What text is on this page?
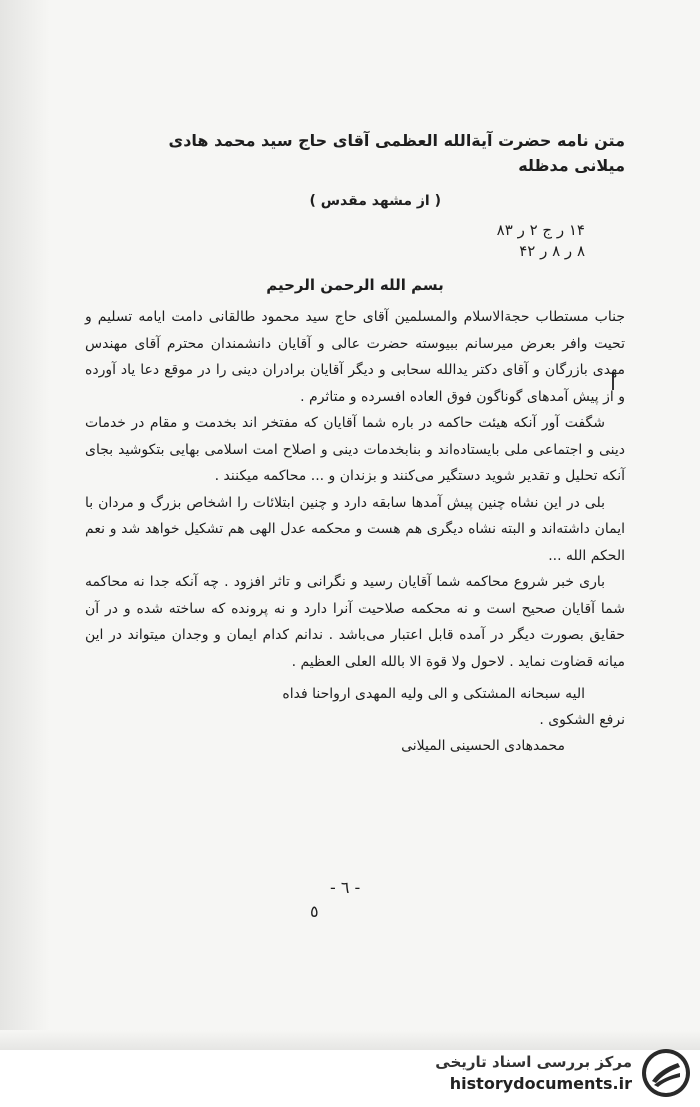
متن نامه حضرت آیة‌الله العظمی آقای حاج سید محمد هادی

میلانی مدظله

( از مشهد مقدس )

۱۴ ر ج ۲ ر ۸۳

۸ ر ۸ ر ۴۲

بسم الله الرحمن الرحیم

جناب مستطاب حجة‌الاسلام والمسلمین آقای حاج سید محمود طالقانی دامت ایامه تسلیم و تحیت وافر بعرض میرسانم ببیوسته حضرت عالی و آقایان دانشمندان محترم آقای مهندس مهدی بازرگان و آقای دکتر یدالله سحابی و دیگر آقایان برادران دینی را در موقع دعا یاد آورده و از پیش آمدهای گوناگون فوق العاده افسرده و متاثرم .

شگفت آور آنکه هیئت حاکمه در باره شما آقایان که مفتخر اند بخدمت و مقام در خدمات دینی و اجتماعی ملی بایستاده‌اند و بنابخدمات دینی و اصلاح امت اسلامی بهایی بتکوشید بجای آنکه تحلیل و تقدیر شوید دستگیر می‌کنند و بزندان و ... محاکمه میکنند .

بلی در این نشاه چنین پیش آمدها سابقه دارد و چنین ابتلائات را اشخاص بزرگ و مردان با ایمان داشته‌اند و البته نشاه دیگری هم هست و محکمه عدل الهی هم تشکیل خواهد شد و نعم الحکم الله ...

باری خبر شروع محاکمه شما آقایان رسید و نگرانی و تاثر افزود . چه آنکه جدا نه محاکمه شما آقایان صحیح است و نه محکمه صلاحیت آنرا دارد و نه پرونده که ساخته شده و در آن حقایق بصورت دیگر در آمده قابل اعتبار می‌باشد . ندانم کدام ایمان و وجدان میتواند در این میانه قضاوت نماید . لاحول ولا قوة الا بالله العلی العظیم .

الیه سبحانه المشتکی و الی ولیه المهدی ارواحنا فداه

نرفع الشکوی .

محمدهادی الحسینی المیلانی

- ٦ -
٥
مرکز بررسی اسناد تاریخی
historydocuments.ir
